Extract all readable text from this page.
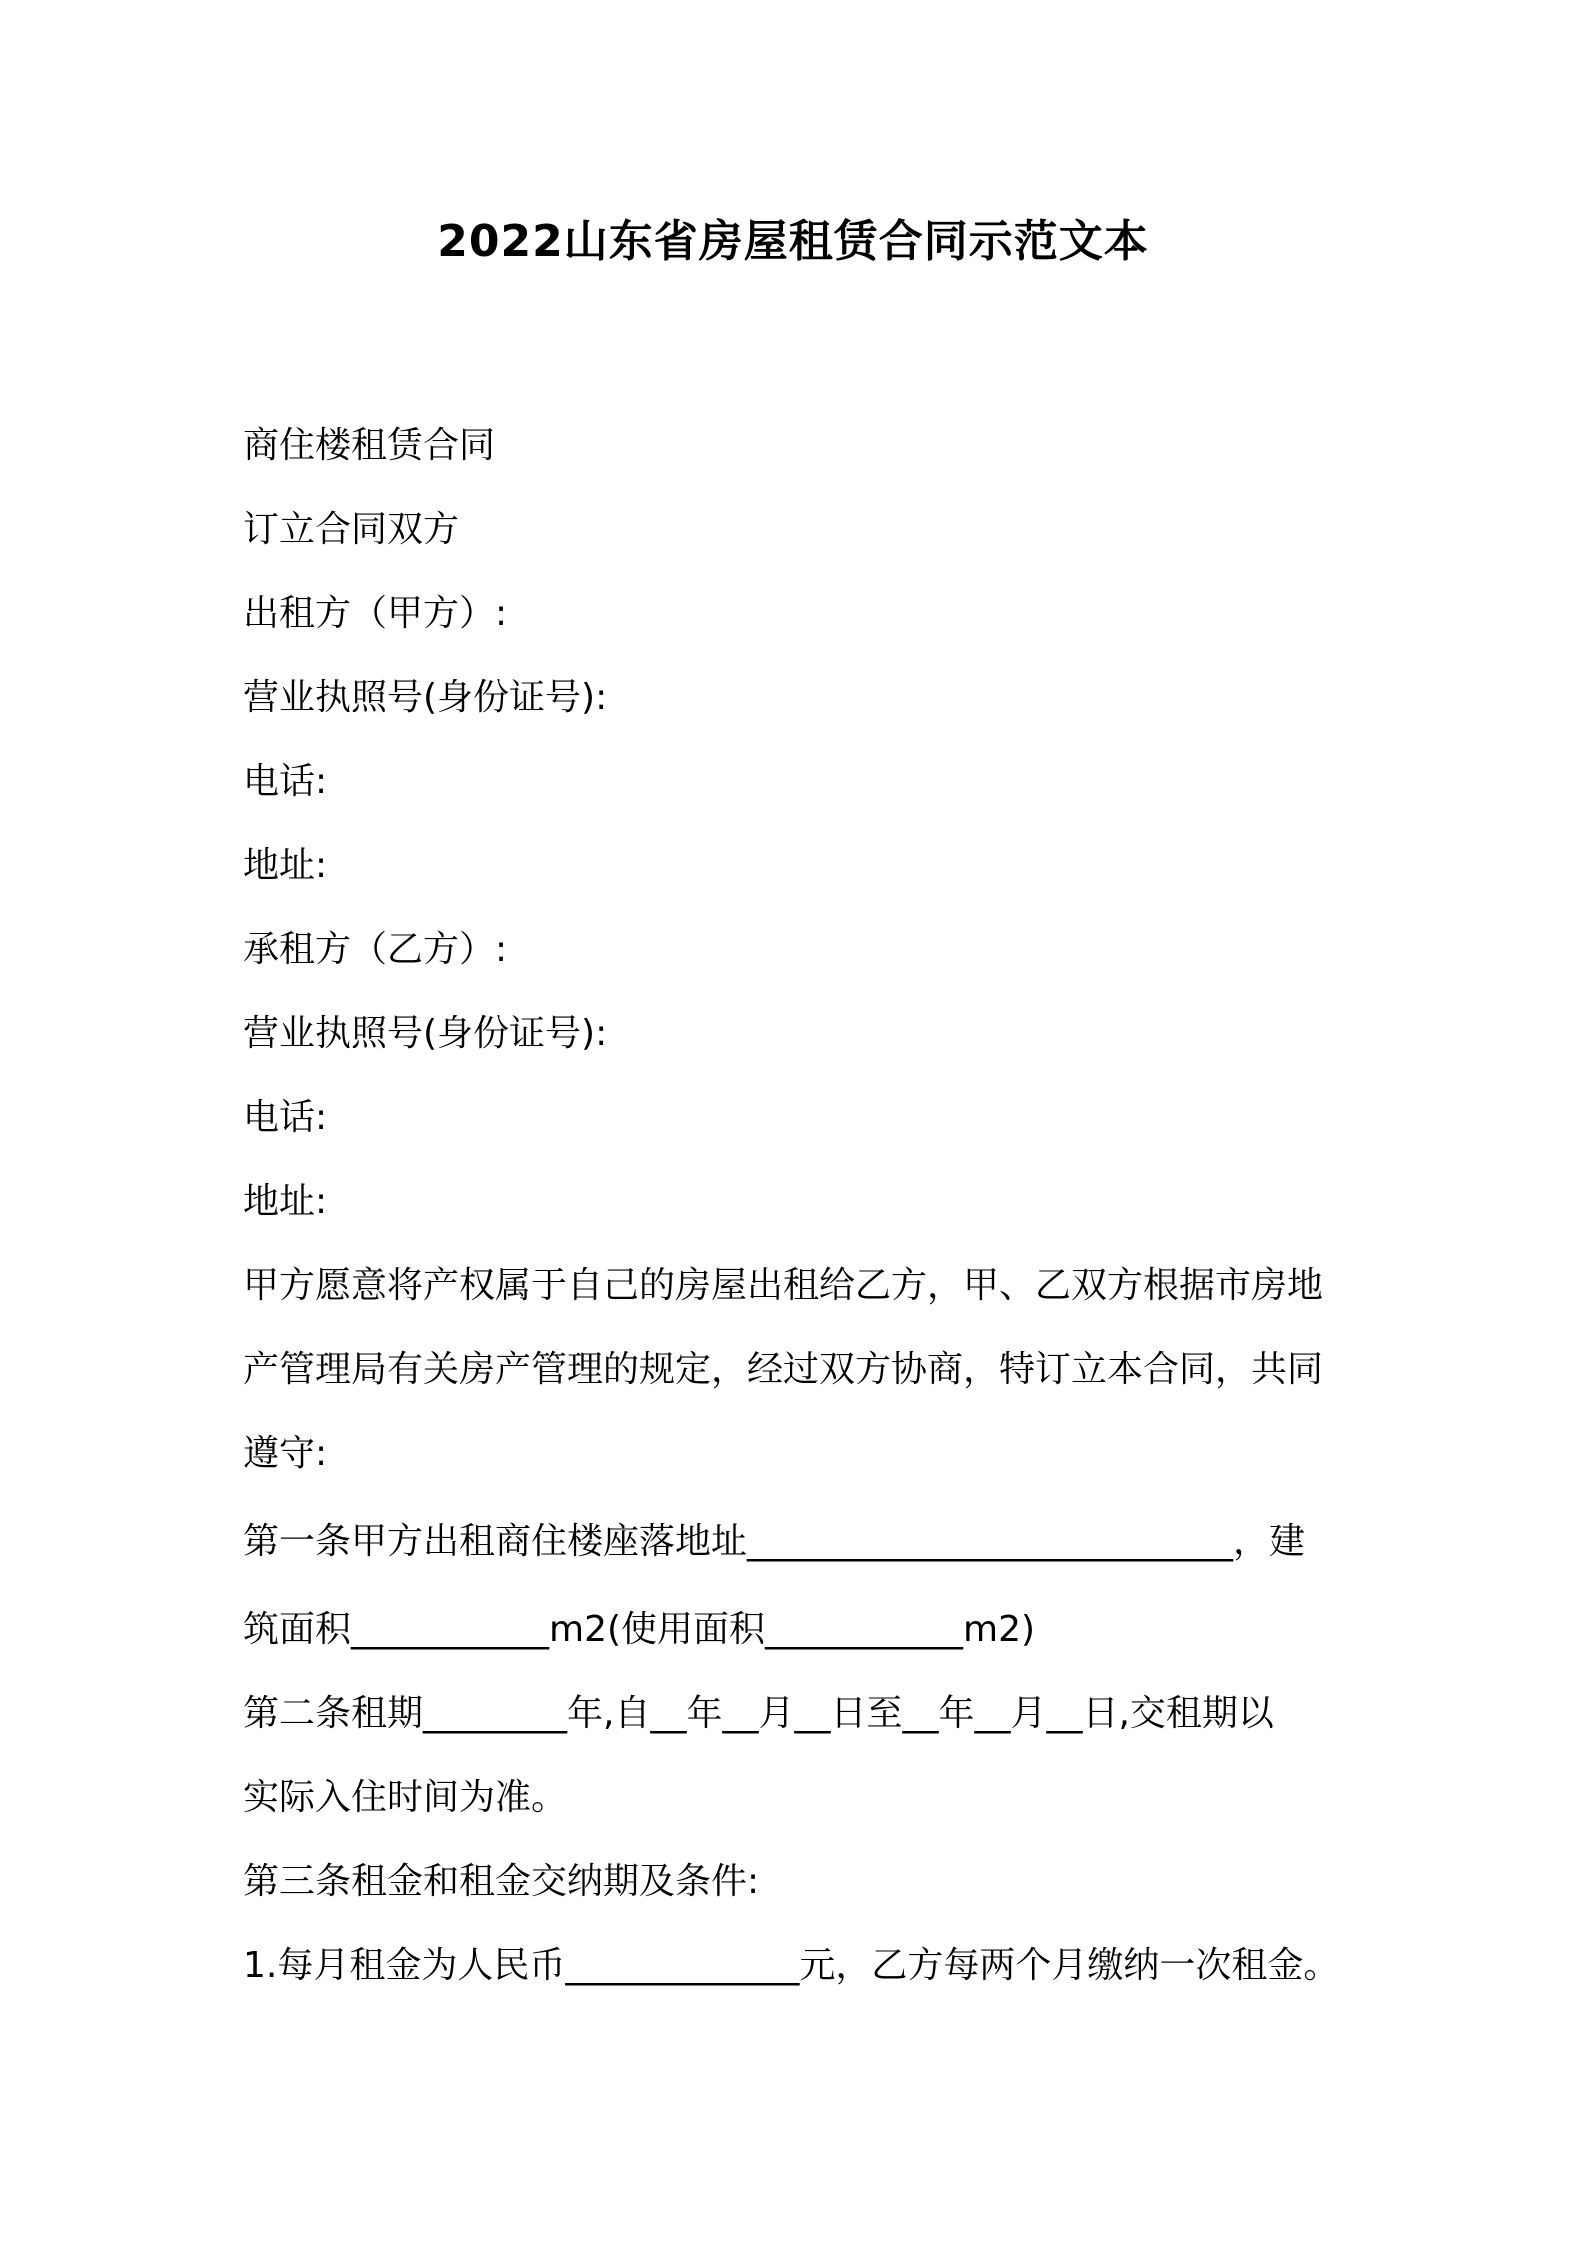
2022山东省房屋租赁合同示范文本
商住楼租赁合同
订立合同双方
出租方（甲方）:
营业执照号(身份证号):
电话:
地址:
承租方（乙方）:
营业执照号(身份证号):
电话:
地址:
甲方愿意将产权属于自己的房屋出租给乙方，甲、乙双方根据市房地
产管理局有关房产管理的规定，经过双方协商，特订立本合同，共同
遵守:
第一条甲方出租商住楼座落地址___________________________，建
筑面积___________m2(使用面积___________m2)
第二条租期________年,自__年__月__日至__年__月__日,交租期以
实际入住时间为准。
第三条租金和租金交纳期及条件:
1.每月租金为人民币_____________元，乙方每两个月缴纳一次租金。
